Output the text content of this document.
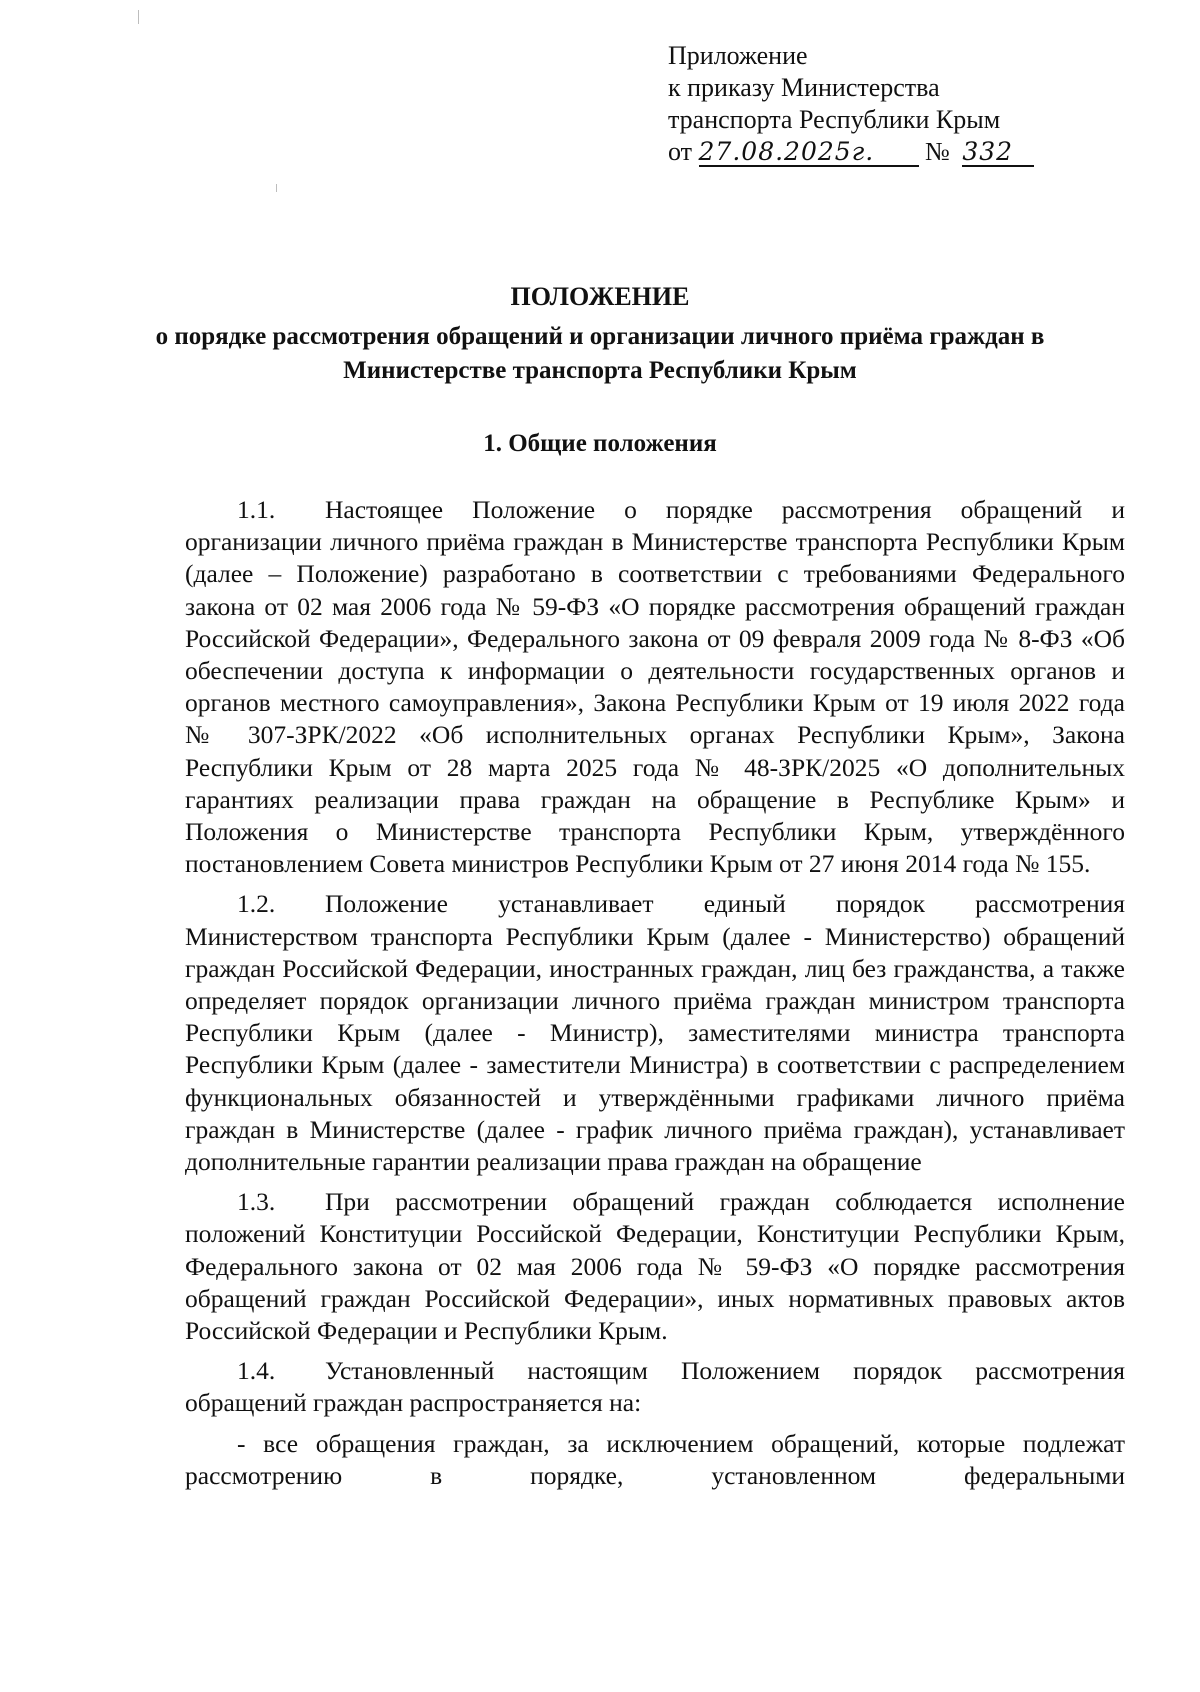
Приложение
к приказу Министерства
транспорта Республики Крым
от 27.08.2025г. № 332
ПОЛОЖЕНИЕ
о порядке рассмотрения обращений и организации личного приёма граждан в Министерстве транспорта Республики Крым
1. Общие положения

1.1. Настоящее Положение о порядке рассмотрения обращений и организации личного приёма граждан в Министерстве транспорта Республики Крым (далее – Положение) разработано в соответствии с требованиями Федерального закона от 02 мая 2006 года № 59-ФЗ «О порядке рассмотрения обращений граждан Российской Федерации», Федерального закона от 09 февраля 2009 года № 8-ФЗ «Об обеспечении доступа к информации о деятельности государственных органов и органов местного самоуправления», Закона Республики Крым от 19 июля 2022 года № 307-ЗРК/2022 «Об исполнительных органах Республики Крым», Закона Республики Крым от 28 марта 2025 года № 48-ЗРК/2025 «О дополнительных гарантиях реализации права граждан на обращение в Республике Крым» и Положения о Министерстве транспорта Республики Крым, утверждённого постановлением Совета министров Республики Крым от 27 июня 2014 года № 155.

1.2. Положение устанавливает единый порядок рассмотрения Министерством транспорта Республики Крым (далее - Министерство) обращений граждан Российской Федерации, иностранных граждан, лиц без гражданства, а также определяет порядок организации личного приёма граждан министром транспорта Республики Крым (далее - Министр), заместителями министра транспорта Республики Крым (далее - заместители Министра) в соответствии с распределением функциональных обязанностей и утверждёнными графиками личного приёма граждан в Министерстве (далее - график личного приёма граждан), устанавливает дополнительные гарантии реализации права граждан на обращение

1.3. При рассмотрении обращений граждан соблюдается исполнение положений Конституции Российской Федерации, Конституции Республики Крым, Федерального закона от 02 мая 2006 года № 59-ФЗ «О порядке рассмотрения обращений граждан Российской Федерации», иных нормативных правовых актов Российской Федерации и Республики Крым.

1.4. Установленный настоящим Положением порядок рассмотрения обращений граждан распространяется на:

- все обращения граждан, за исключением обращений, которые подлежат рассмотрению в порядке, установленном федеральными
